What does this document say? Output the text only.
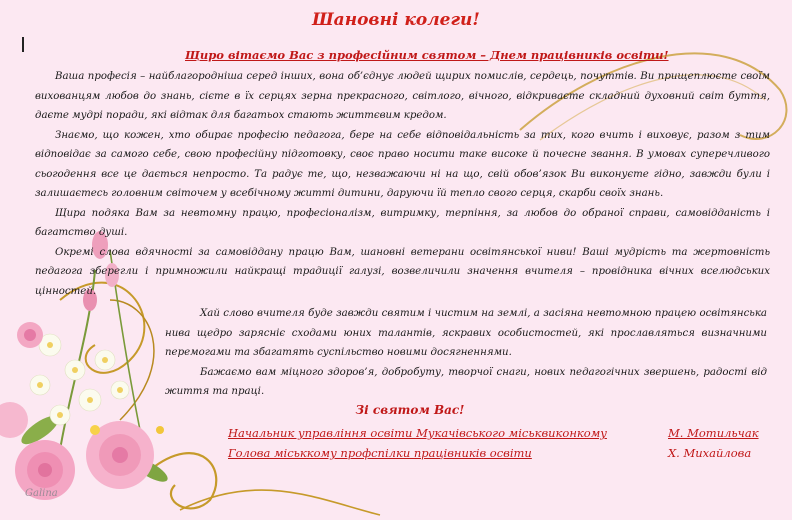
Шановні колеги!
Щиро вітаємо Вас з професійним святом – Днем працівників освіти!

Ваша професія – найблагородніша серед інших, вона об’єднує людей щирих помислів, сердець, почуттів. Ви прищеплюєте своїм вихованцям любов до знань, сієте в їх серцях зерна прекрасного, світлого, вічного, відкриваєте складний духовний світ буття, даєте мудрі поради, які відтак для багатьох стають життєвим кредом.

Знаємо, що кожен, хто обирає професію педагога, бере на себе відповідальність за тих, кого вчить і виховує, разом з тим відповідає за самого себе, свою професійну підготовку, своє право носити таке високе й почесне звання. В умовах суперечливого сьогодення все це дається непросто. Та радує те, що, незважаючи ні на що, свій обов’язок Ви виконуєте гідно, завжди були і залишаєтесь головним світочем у всебічному житті дитини, даруючи їй тепло свого серця, скарби своїх знань.

Щира подяка Вам за невтомну працю, професіоналізм, витримку, терпіння, за любов до обраної справи, самовідданість і багатство душі.

Окремі слова вдячності за самовіддану працю Вам, шановні ветерани освітянської ниви! Ваші мудрість та жертовність педагога зберегли і примножили найкращі традиції галузі, возвеличили значення вчителя – провідника вічних вселюдських цінностей.

Хай слово вчителя буде завжди святим і чистим на землі, а засіяна невтомною працею освітянська нива щедро зарясніє сходами юних талантів, яскравих особистостей, які прославляться визначними перемогами та збагатять суспільство новими досягненнями.

Бажаємо вам міцного здоров’я, добробуту, творчої снаги, нових педагогічних звершень, радості від життя та праці.

Зі святом Вас!
Начальник управління освіти Мукачівського міськвиконкому	М. Мотильчак
Голова міськкому профспілки працівників освіти	Х. Михайлова
Galina
